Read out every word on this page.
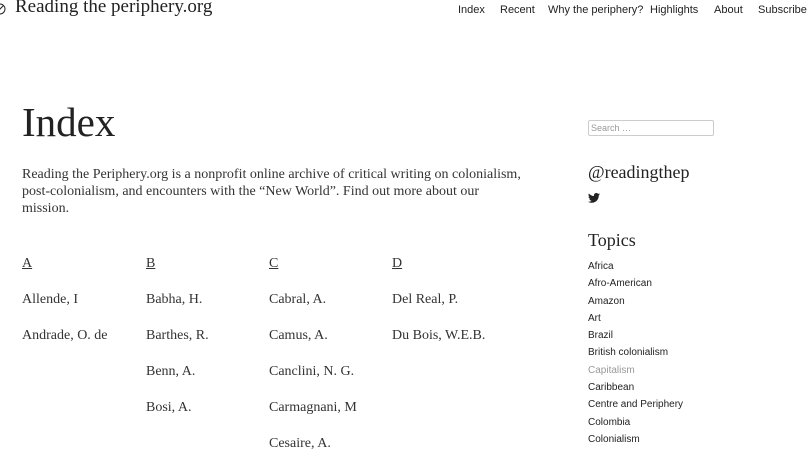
Reading the periphery.org	Index Recent Why the periphery? Highlights About Subscribe
Index

Reading the Periphery.org is a nonprofit online archive of critical writing on colonialism, post-colonialism, and encounters with the “New World”. Find out more about our mission.

A
Allende, I
Andrade, O. de
B
Babha, H.
Barthes, R.
Benn, A.
Bosi, A.
C
Cabral, A.
Camus, A.
Canclini, N. G.
Carmagnani, M
Cesaire, A.
D
Del Real, P.
Du Bois, W.E.B.
Search …
@readingthep
Topics
Africa
Afro-American
Amazon
Art
Brazil
British colonialism
Capitalism
Caribbean
Centre and Periphery
Colombia
Colonialism
